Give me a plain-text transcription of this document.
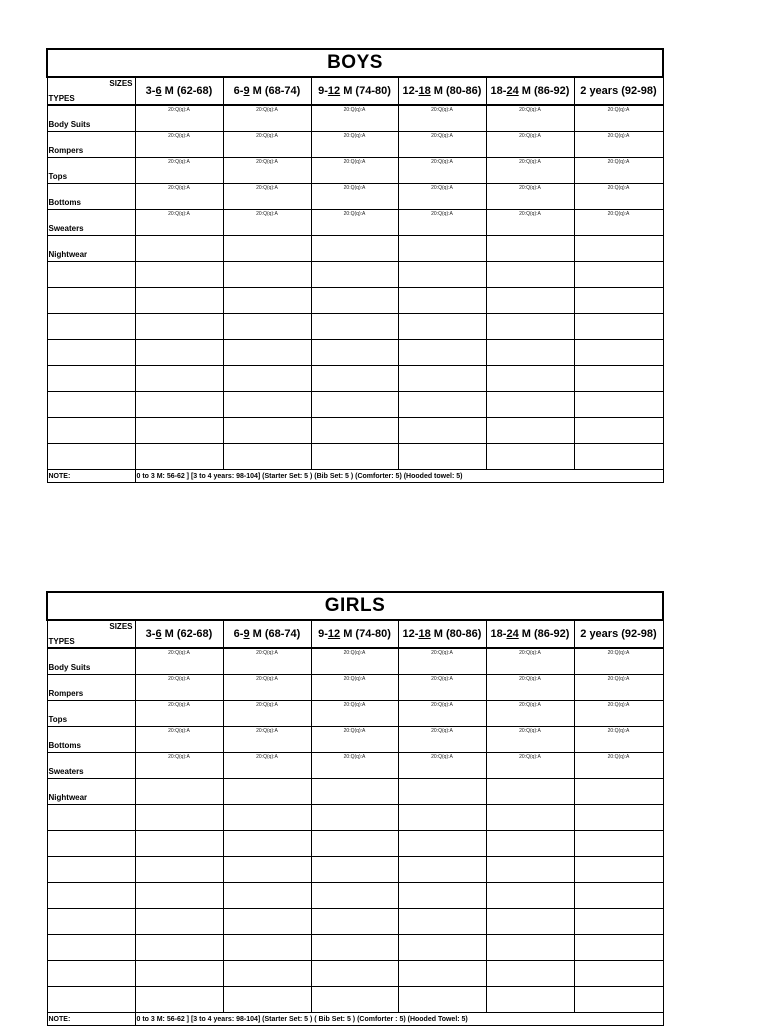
BOYS						

SIZES
TYPES	3-6 M (62-68)	6-9 M (68-74)	9-12 M (74-80)	12-18 M (80-86)	18-24 M (86-92)	2 years (92-98)

Body Suits	20:Q(q):A	20:Q(q):A	20:Q(q):A	20:Q(q):A	20:Q(q):A	20:Q(q):A

Rompers	20:Q(q):A	20:Q(q):A	20:Q(q):A	20:Q(q):A	20:Q(q):A	20:Q(q):A

Tops	20:Q(q):A	20:Q(q):A	20:Q(q):A	20:Q(q):A	20:Q(q):A	20:Q(q):A

Bottoms	20:Q(q):A	20:Q(q):A	20:Q(q):A	20:Q(q):A	20:Q(q):A	20:Q(q):A

Sweaters	20:Q(q):A	20:Q(q):A	20:Q(q):A	20:Q(q):A	20:Q(q):A	20:Q(q):A

Nightwear						

NOTE:	0 to 3 M: 56-62 ] [3 to 4 years: 98-104] (Starter Set: 5 ) (Bib Set: 5 ) (Comforter: 5) (Hooded towel: 5)					
GIRLS						

SIZES
TYPES	3-6 M (62-68)	6-9 M (68-74)	9-12 M (74-80)	12-18 M (80-86)	18-24 M (86-92)	2 years (92-98)

Body Suits	20:Q(q):A	20:Q(q):A	20:Q(q):A	20:Q(q):A	20:Q(q):A	20:Q(q):A

Rompers	20:Q(q):A	20:Q(q):A	20:Q(q):A	20:Q(q):A	20:Q(q):A	20:Q(q):A

Tops	20:Q(q):A	20:Q(q):A	20:Q(q):A	20:Q(q):A	20:Q(q):A	20:Q(q):A

Bottoms	20:Q(q):A	20:Q(q):A	20:Q(q):A	20:Q(q):A	20:Q(q):A	20:Q(q):A

Sweaters	20:Q(q):A	20:Q(q):A	20:Q(q):A	20:Q(q):A	20:Q(q):A	20:Q(q):A

Nightwear						

NOTE:	0 to 3 M: 56-62 ] [3 to 4 years: 98-104] (Starter Set: 5 ) ( Bib Set: 5 ) (Comforter : 5) (Hooded Towel: 5)					
